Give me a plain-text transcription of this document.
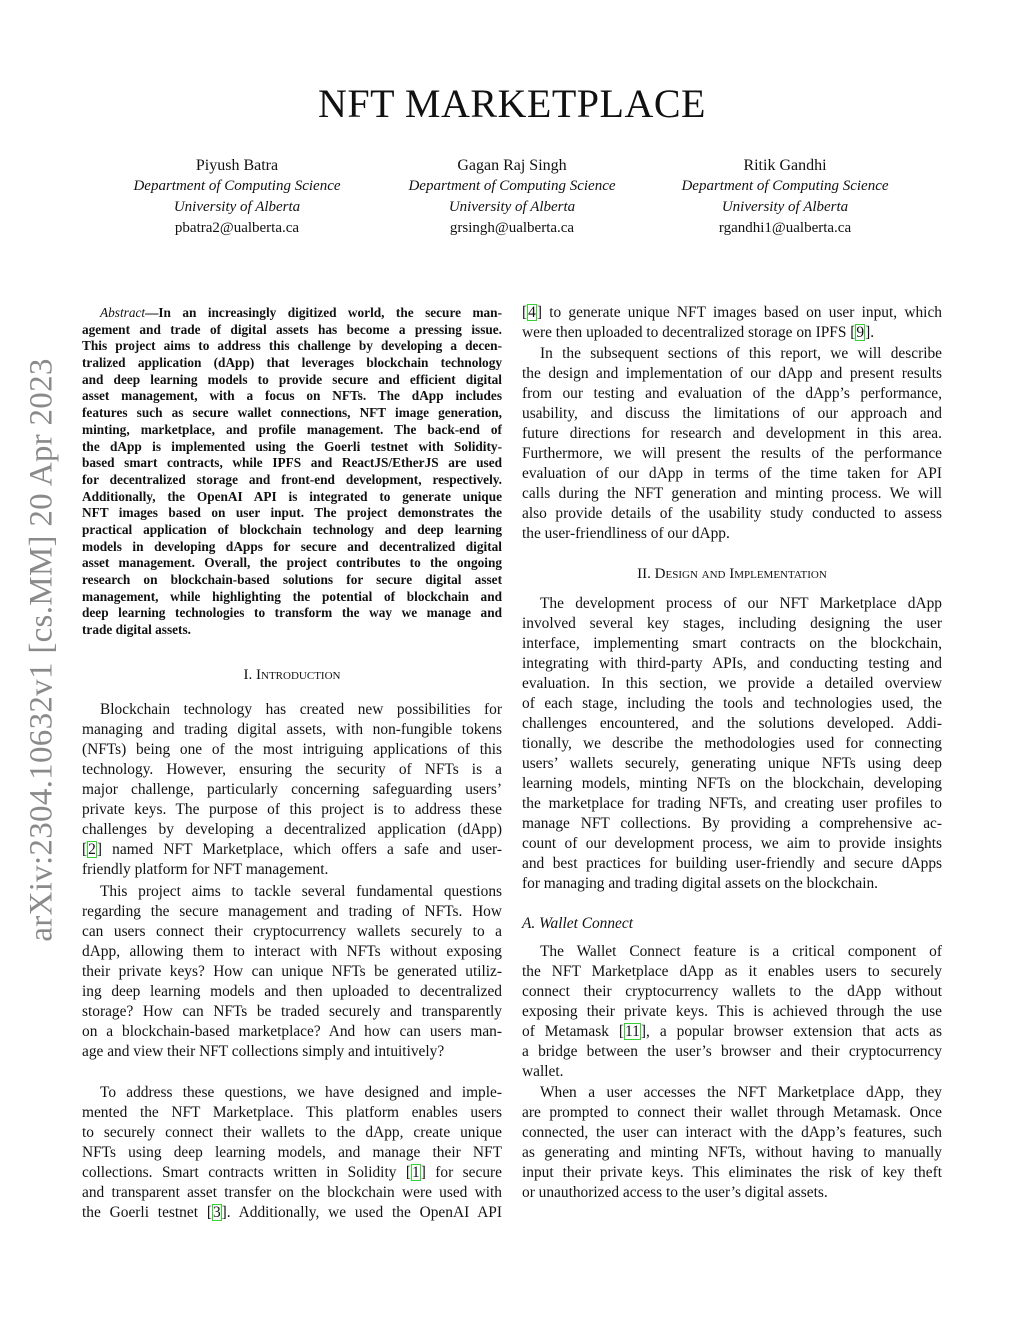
arXiv:2304.10632v1 [cs.MM] 20 Apr 2023
NFT MARKETPLACE
Piyush Batra
Department of Computing Science
University of Alberta
pbatra2@ualberta.ca
Gagan Raj Singh
Department of Computing Science
University of Alberta
grsingh@ualberta.ca
Ritik Gandhi
Department of Computing Science
University of Alberta
rgandhi1@ualberta.ca
Abstract—In an increasingly digitized world, the secure man-
agement and trade of digital assets has become a pressing issue.
This project aims to address this challenge by developing a decen-
tralized application (dApp) that leverages blockchain technology
and deep learning models to provide secure and efficient digital
asset management, with a focus on NFTs. The dApp includes
features such as secure wallet connections, NFT image generation,
minting, marketplace, and profile management. The back-end of
the dApp is implemented using the Goerli testnet with Solidity-
based smart contracts, while IPFS and ReactJS/EtherJS are used
for decentralized storage and front-end development, respectively.
Additionally, the OpenAI API is integrated to generate unique
NFT images based on user input. The project demonstrates the
practical application of blockchain technology and deep learning
models in developing dApps for secure and decentralized digital
asset management. Overall, the project contributes to the ongoing
research on blockchain-based solutions for secure digital asset
management, while highlighting the potential of blockchain and
deep learning technologies to transform the way we manage and
trade digital assets.
I. Introduction
Blockchain technology has created new possibilities for
managing and trading digital assets, with non-fungible tokens
(NFTs) being one of the most intriguing applications of this
technology. However, ensuring the security of NFTs is a
major challenge, particularly concerning safeguarding users’
private keys. The purpose of this project is to address these
challenges by developing a decentralized application (dApp)
[2] named NFT Marketplace, which offers a safe and user-
friendly platform for NFT management.
This project aims to tackle several fundamental questions
regarding the secure management and trading of NFTs. How
can users connect their cryptocurrency wallets securely to a
dApp, allowing them to interact with NFTs without exposing
their private keys? How can unique NFTs be generated utiliz-
ing deep learning models and then uploaded to decentralized
storage? How can NFTs be traded securely and transparently
on a blockchain-based marketplace? And how can users man-
age and view their NFT collections simply and intuitively?
To address these questions, we have designed and imple-
mented the NFT Marketplace. This platform enables users
to securely connect their wallets to the dApp, create unique
NFTs using deep learning models, and manage their NFT
collections. Smart contracts written in Solidity [1] for secure
and transparent asset transfer on the blockchain were used with
the Goerli testnet [3]. Additionally, we used the OpenAI API
[4] to generate unique NFT images based on user input, which
were then uploaded to decentralized storage on IPFS [9].
In the subsequent sections of this report, we will describe
the design and implementation of our dApp and present results
from our testing and evaluation of the dApp’s performance,
usability, and discuss the limitations of our approach and
future directions for research and development in this area.
Furthermore, we will present the results of the performance
evaluation of our dApp in terms of the time taken for API
calls during the NFT generation and minting process. We will
also provide details of the usability study conducted to assess
the user-friendliness of our dApp.
II. Design and Implementation
The development process of our NFT Marketplace dApp
involved several key stages, including designing the user
interface, implementing smart contracts on the blockchain,
integrating with third-party APIs, and conducting testing and
evaluation. In this section, we provide a detailed overview
of each stage, including the tools and technologies used, the
challenges encountered, and the solutions developed. Addi-
tionally, we describe the methodologies used for connecting
users’ wallets securely, generating unique NFTs using deep
learning models, minting NFTs on the blockchain, developing
the marketplace for trading NFTs, and creating user profiles to
manage NFT collections. By providing a comprehensive ac-
count of our development process, we aim to provide insights
and best practices for building user-friendly and secure dApps
for managing and trading digital assets on the blockchain.
A. Wallet Connect
The Wallet Connect feature is a critical component of
the NFT Marketplace dApp as it enables users to securely
connect their cryptocurrency wallets to the dApp without
exposing their private keys. This is achieved through the use
of Metamask [11], a popular browser extension that acts as
a bridge between the user’s browser and their cryptocurrency
wallet.
When a user accesses the NFT Marketplace dApp, they
are prompted to connect their wallet through Metamask. Once
connected, the user can interact with the dApp’s features, such
as generating and minting NFTs, without having to manually
input their private keys. This eliminates the risk of key theft
or unauthorized access to the user’s digital assets.
